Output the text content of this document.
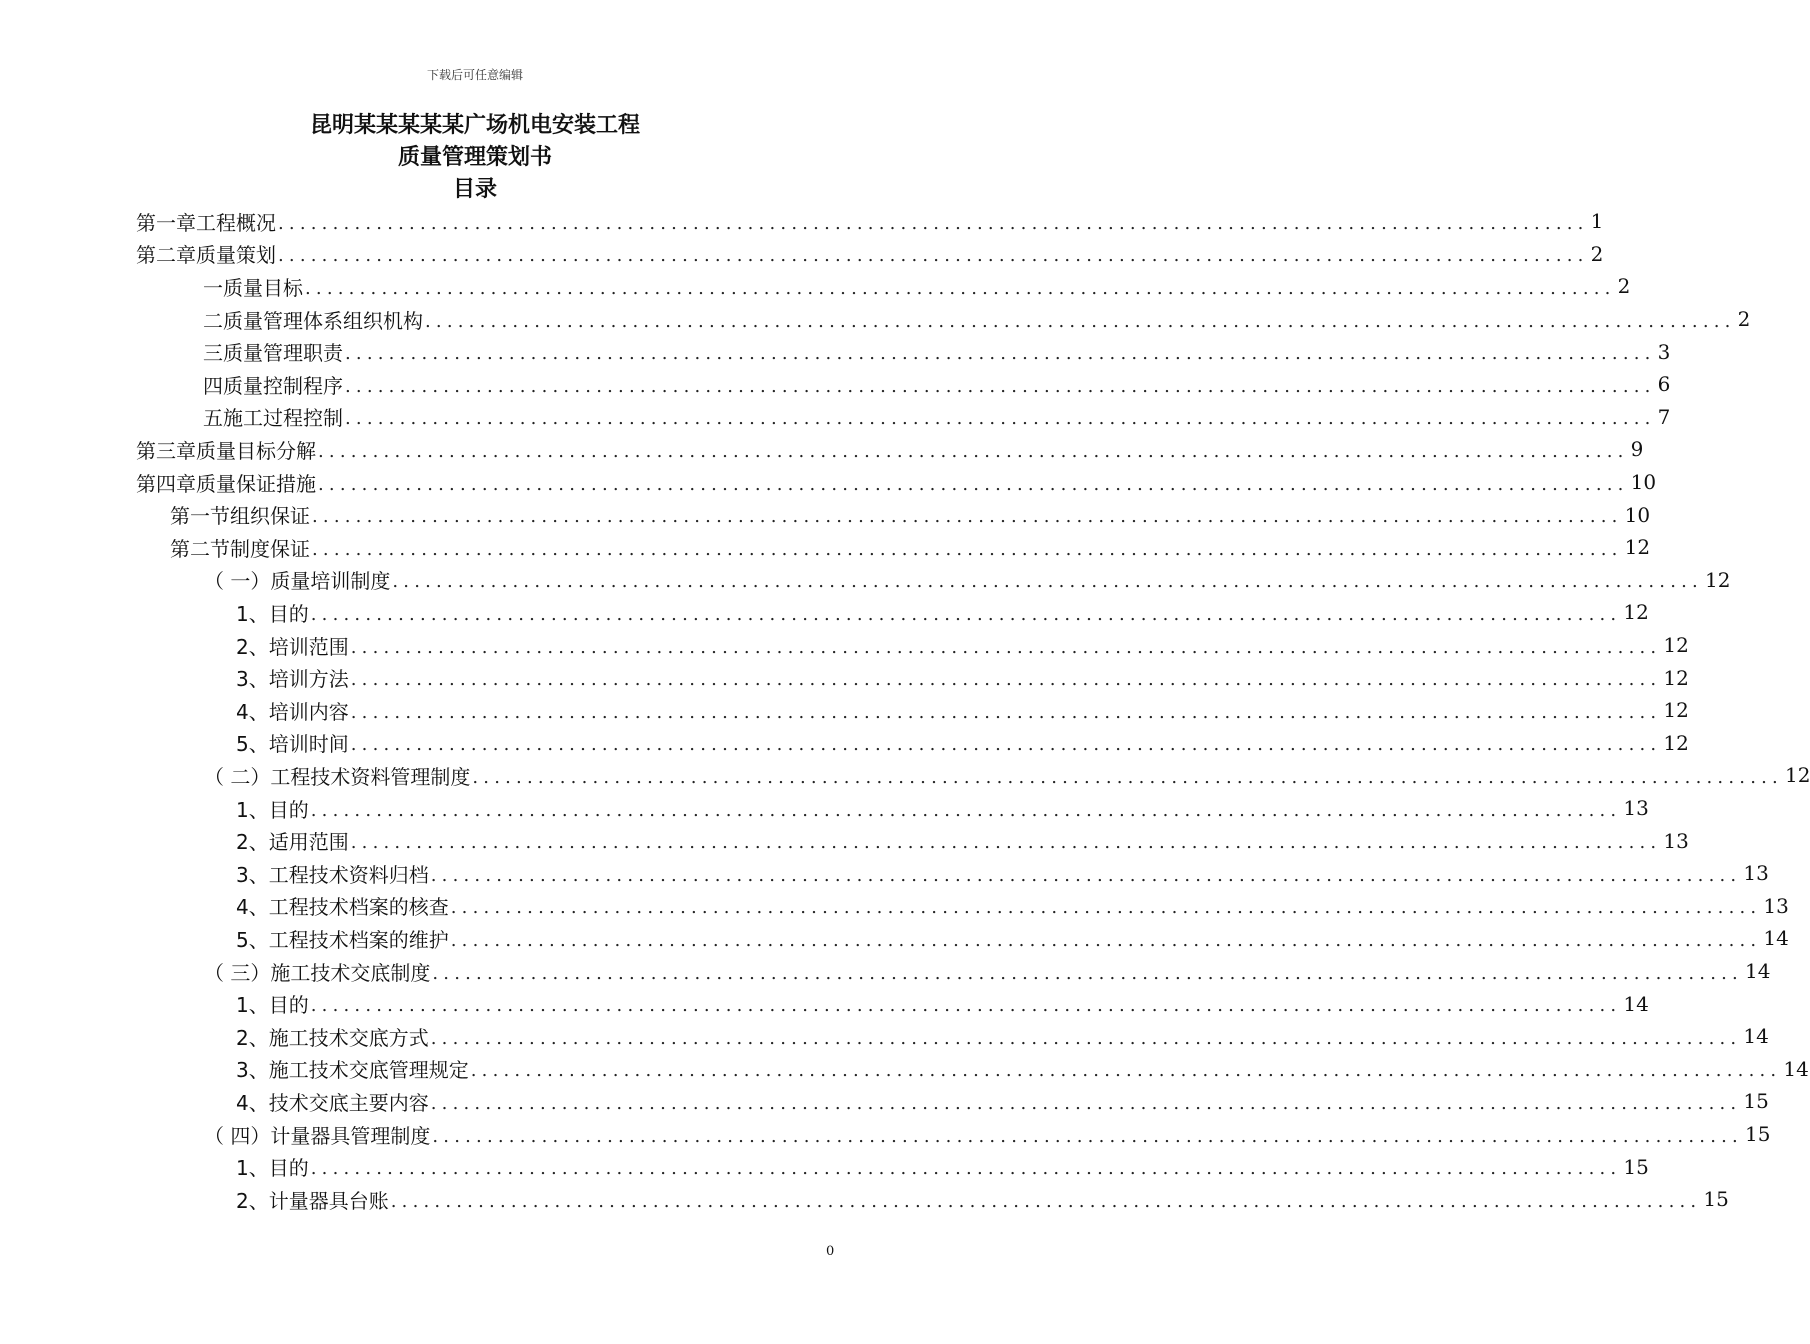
下载后可任意编辑
昆明某某某某某广场机电安装工程
质量管理策划书
目录
第一章 工程概况 ........................................................................................................................ 1
第二章 质量策划 ........................................................................................................................ 2
一 质量目标 ........................................................................................................................ 2
二 质量管理体系组织机构 ........................................................................................................................ 2
三 质量管理职责 ........................................................................................................................ 3
四 质量控制程序 ........................................................................................................................ 6
五 施工过程控制 ........................................................................................................................ 7
第三章 质量目标分解 ........................................................................................................................ 9
第四章 质量保证措施 ........................................................................................................................ 10
第一节 组织保证 ........................................................................................................................ 10
第二节 制度保证 ........................................................................................................................ 12
（ 一） 质量培训制度 ........................................................................................................................ 12
1、 目的 ........................................................................................................................ 12
2、 培训范围 ........................................................................................................................ 12
3、 培训方法 ........................................................................................................................ 12
4、 培训内容 ........................................................................................................................ 12
5、 培训时间 ........................................................................................................................ 12
（ 二） 工程技术资料管理制度 ........................................................................................................................ 12
1、 目的 ........................................................................................................................ 13
2、 适用范围 ........................................................................................................................ 13
3、 工程技术资料归档 ........................................................................................................................ 13
4、 工程技术档案的核查 ........................................................................................................................ 13
5、 工程技术档案的维护 ........................................................................................................................ 14
（ 三） 施工技术交底制度 ........................................................................................................................ 14
1、 目的 ........................................................................................................................ 14
2、 施工技术交底方式 ........................................................................................................................ 14
3、 施工技术交底管理规定 ........................................................................................................................ 14
4、 技术交底主要内容 ........................................................................................................................ 15
（ 四） 计量器具管理制度 ........................................................................................................................ 15
1、 目的 ........................................................................................................................ 15
2、 计量器具台账 ........................................................................................................................ 15
0
